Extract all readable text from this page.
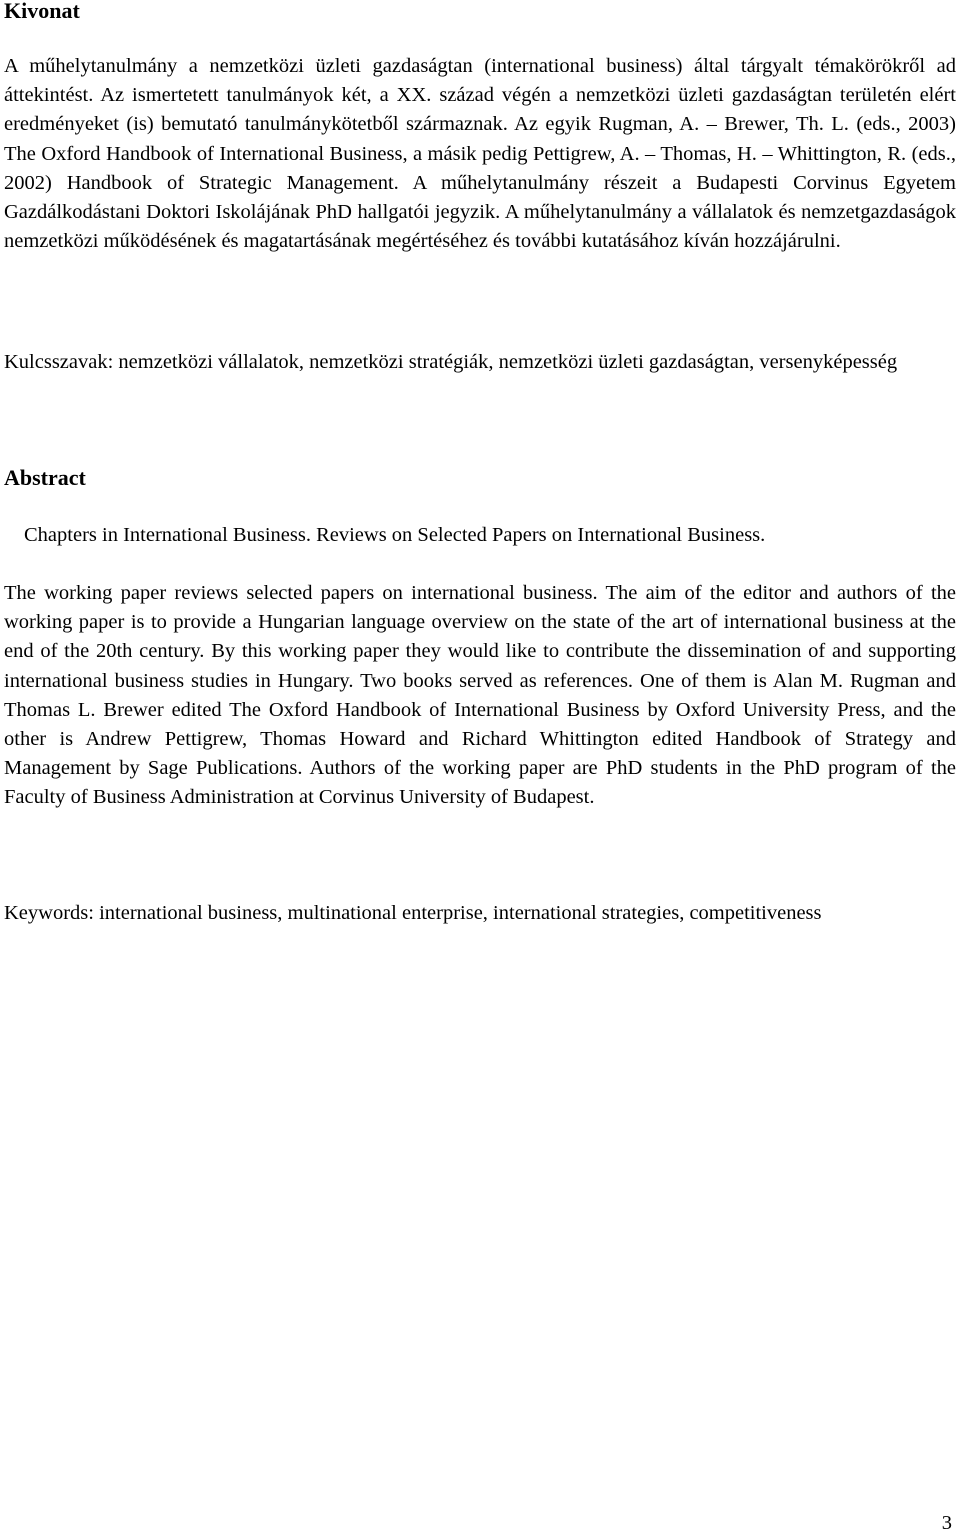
Kivonat

A műhelytanulmány a nemzetközi üzleti gazdaságtan (international business) által tárgyalt témakörökről ad áttekintést. Az ismertetett tanulmányok két, a XX. század végén a nemzetközi üzleti gazdaságtan területén elért eredményeket (is) bemutató tanulmánykötetből származnak. Az egyik Rugman, A. – Brewer, Th. L. (eds., 2003) The Oxford Handbook of International Business, a másik pedig Pettigrew, A. – Thomas, H. – Whittington, R. (eds., 2002) Handbook of Strategic Management. A műhelytanulmány részeit a Budapesti Corvinus Egyetem Gazdálkodástani Doktori Iskolájának PhD hallgatói jegyzik. A műhelytanulmány a vállalatok és nemzetgazdaságok nemzetközi működésének és magatartásának megértéséhez és további kutatásához kíván hozzájárulni.

Kulcsszavak: nemzetközi vállalatok, nemzetközi stratégiák, nemzetközi üzleti gazdaságtan, versenyképesség

Abstract

Chapters in International Business. Reviews on Selected Papers on International Business.

The working paper reviews selected papers on international business. The aim of the editor and authors of the working paper is to provide a Hungarian language overview on the state of the art of international business at the end of the 20th century. By this working paper they would like to contribute the dissemination of and supporting international business studies in Hungary. Two books served as references. One of them is Alan M. Rugman and Thomas L. Brewer edited The Oxford Handbook of International Business by Oxford University Press, and the other is Andrew Pettigrew, Thomas Howard and Richard Whittington edited Handbook of Strategy and Management by Sage Publications. Authors of the working paper are PhD students in the PhD program of the Faculty of Business Administration at Corvinus University of Budapest.

Keywords: international business, multinational enterprise, international strategies, competitiveness

3
